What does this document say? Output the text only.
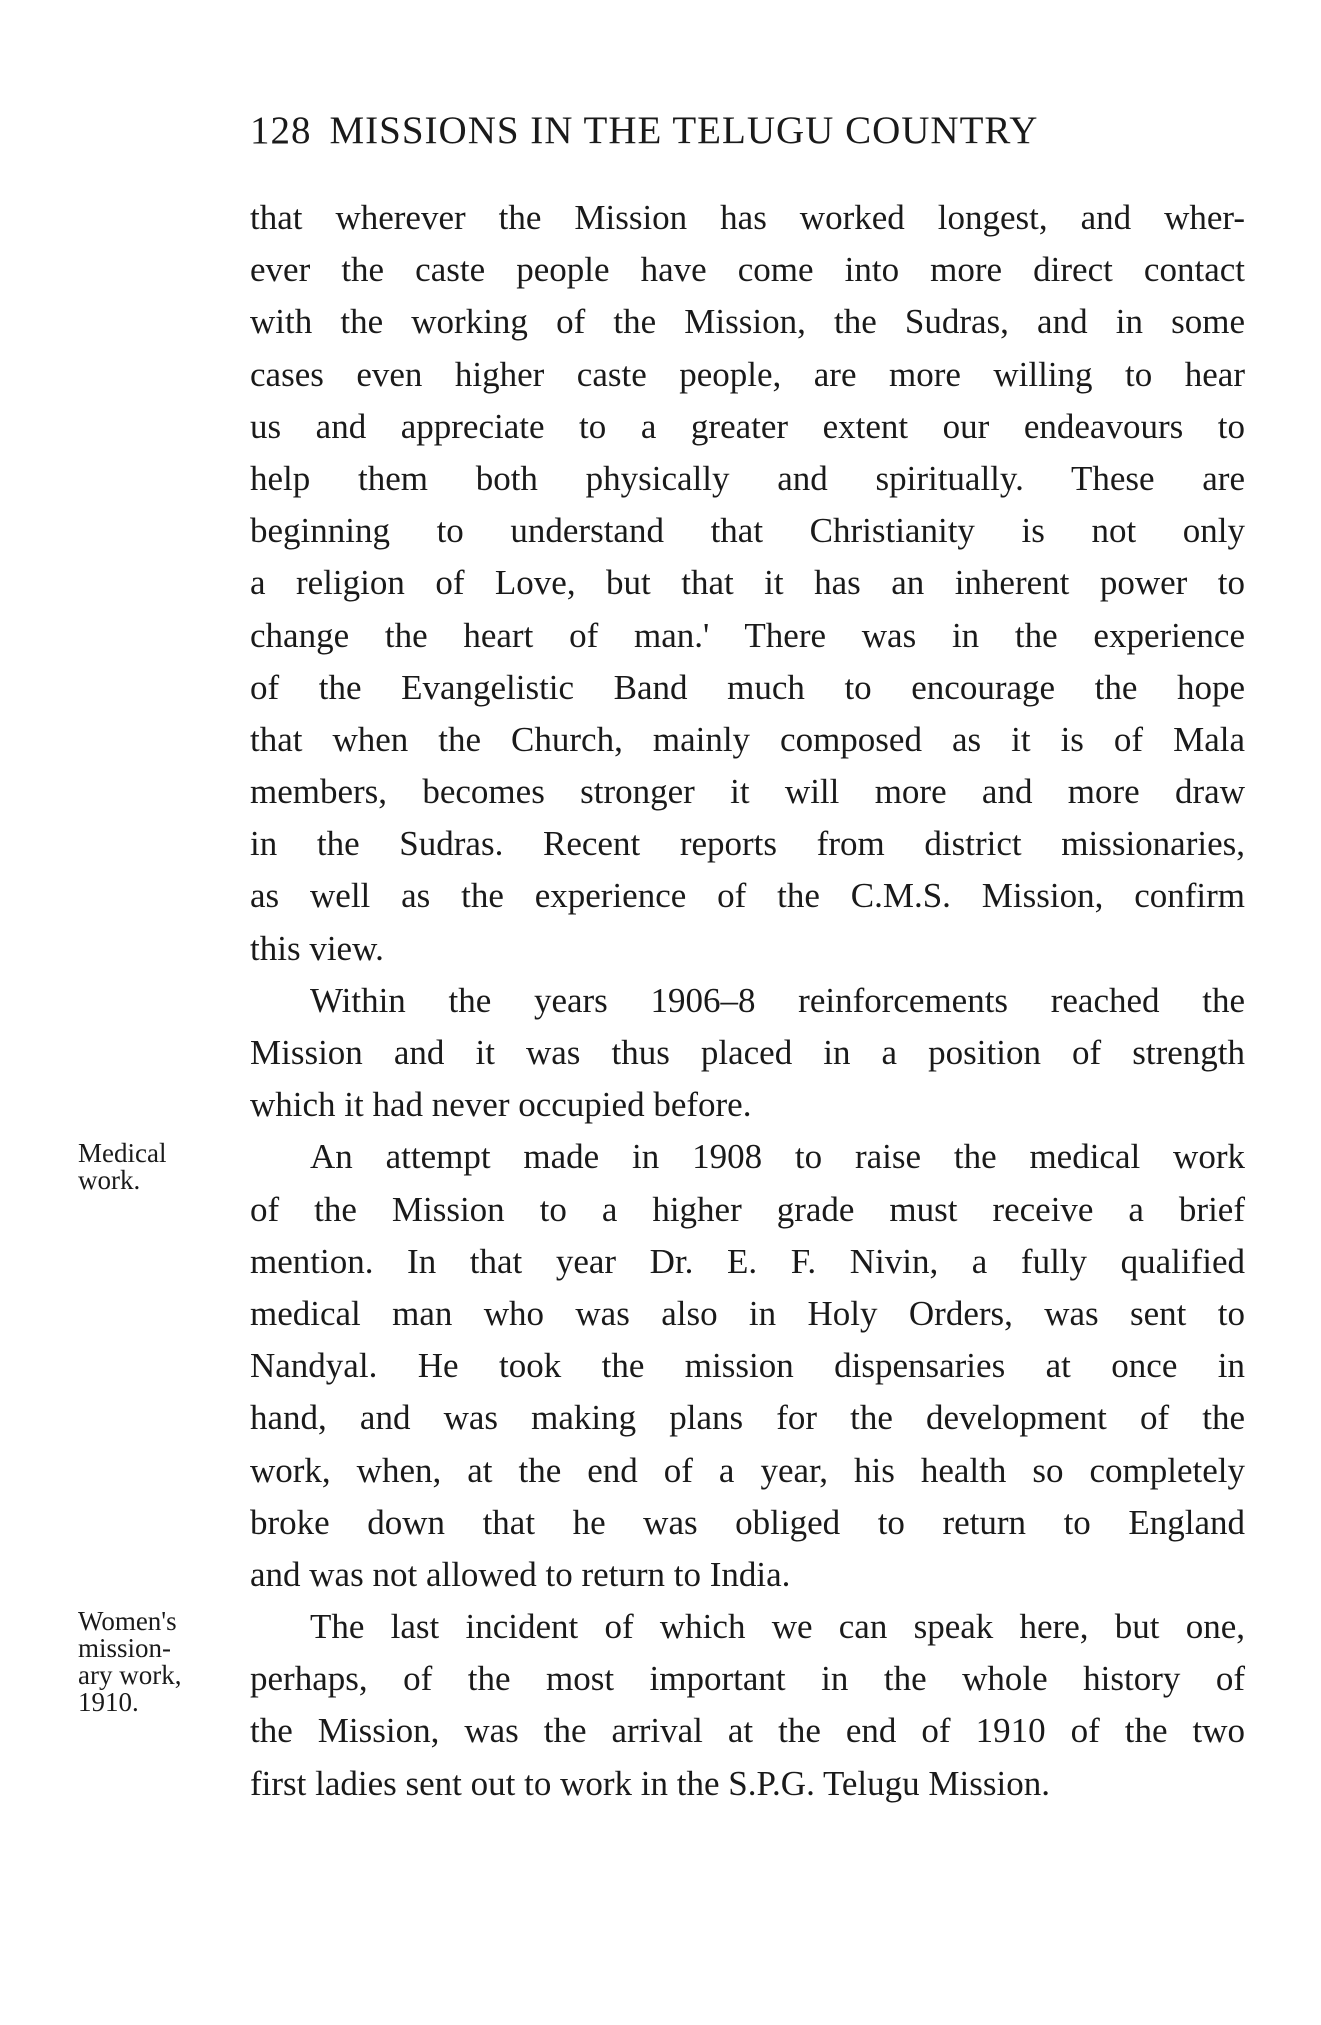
128 MISSIONS IN THE TELUGU COUNTRY
that wherever the Mission has worked longest, and wher-
ever the caste people have come into more direct contact
with the working of the Mission, the Sudras, and in some
cases even higher caste people, are more willing to hear
us and appreciate to a greater extent our endeavours to
help them both physically and spiritually. These are
beginning to understand that Christianity is not only
a religion of Love, but that it has an inherent power to
change the heart of man.' There was in the experience
of the Evangelistic Band much to encourage the hope
that when the Church, mainly composed as it is of Mala
members, becomes stronger it will more and more draw
in the Sudras. Recent reports from district missionaries,
as well as the experience of the C.M.S. Mission, confirm
this view.
Within the years 1906–8 reinforcements reached the
Mission and it was thus placed in a position of strength
which it had never occupied before.
An attempt made in 1908 to raise the medical work
of the Mission to a higher grade must receive a brief
mention. In that year Dr. E. F. Nivin, a fully qualified
medical man who was also in Holy Orders, was sent to
Nandyal. He took the mission dispensaries at once in
hand, and was making plans for the development of the
work, when, at the end of a year, his health so completely
broke down that he was obliged to return to England
and was not allowed to return to India.
The last incident of which we can speak here, but one,
perhaps, of the most important in the whole history of
the Mission, was the arrival at the end of 1910 of the two
first ladies sent out to work in the S.P.G. Telugu Mission.
Medical
work.
Women's
mission-
ary work,
1910.
